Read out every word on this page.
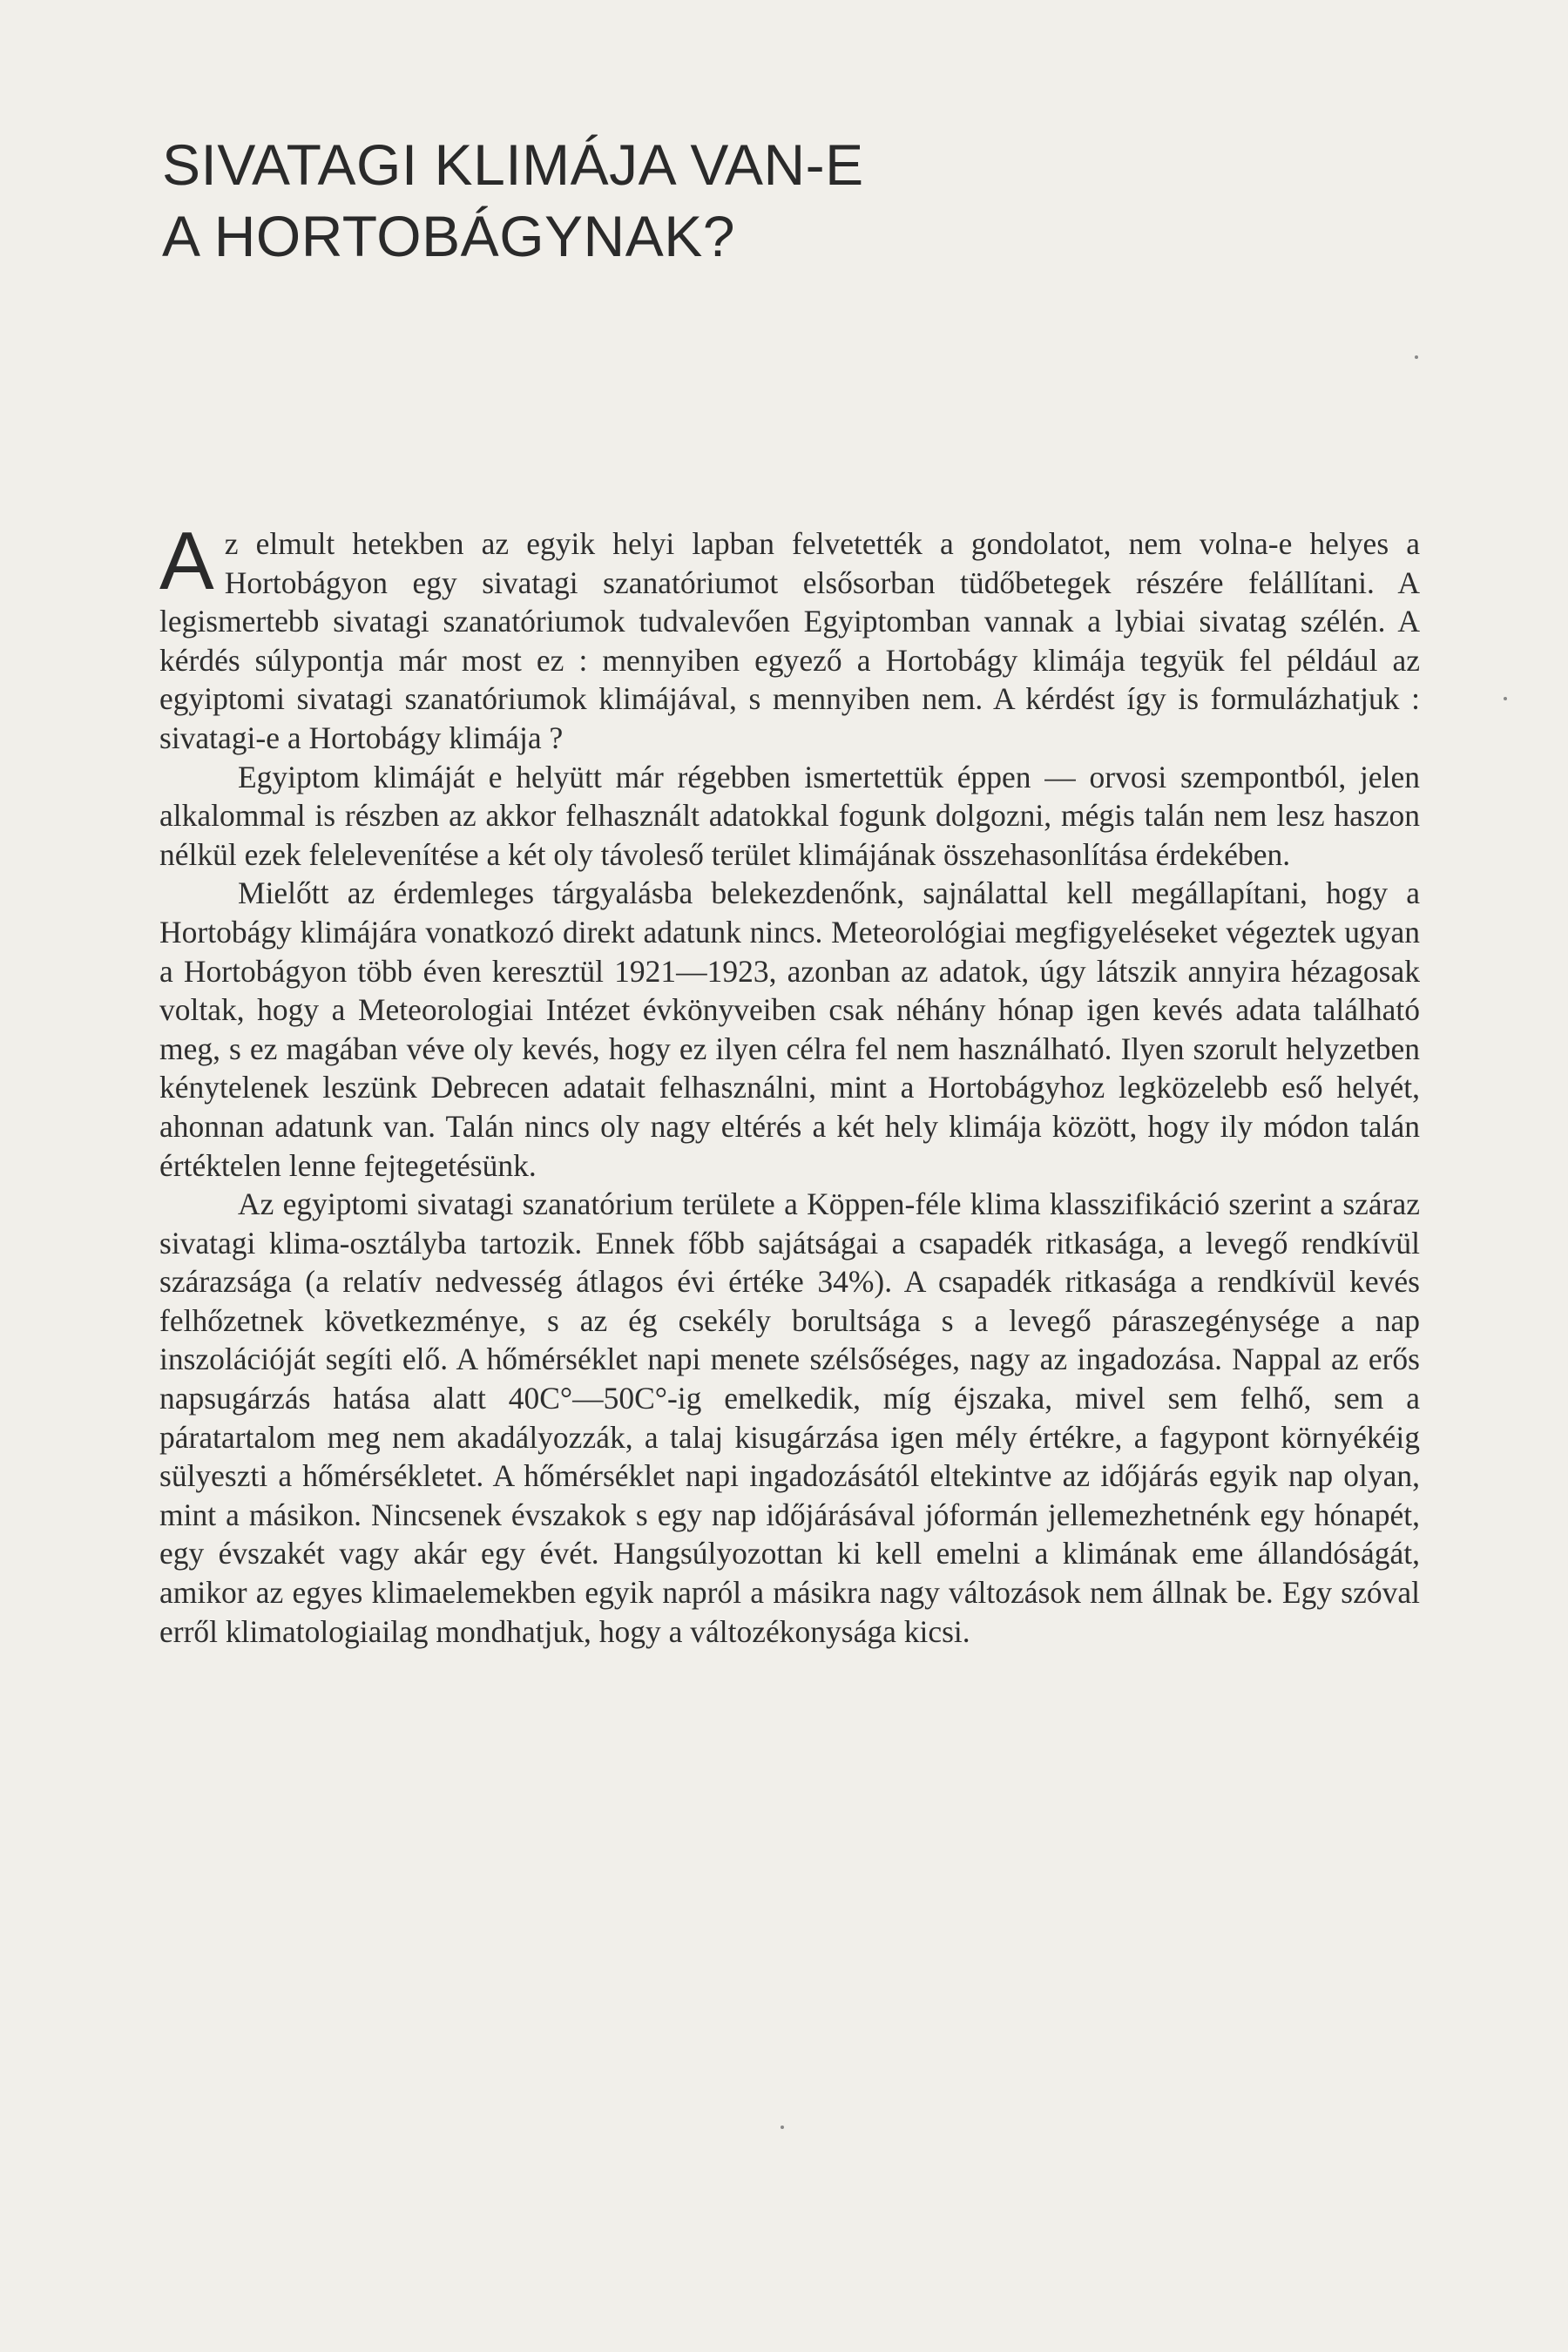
SIVATAGI KLIMÁJA VAN-E
A HORTOBÁGYNAK?

Az elmult hetekben az egyik helyi lapban felvetették a gondolatot, nem volna-e helyes a Hortobágyon egy sivatagi szanatóriumot elsősorban tüdőbetegek részére felállítani. A legismertebb sivatagi szanatóriumok tudvalevően Egyiptomban vannak a lybiai sivatag szélén. A kérdés súlypontja már most ez : mennyiben egyező a Hortobágy klimája tegyük fel például az egyiptomi sivatagi szanatóriumok klimájával, s mennyiben nem. A kérdést így is formulázhatjuk : sivatagi-e a Hortobágy klimája ?

Egyiptom klimáját e helyütt már régebben ismertettük éppen — orvosi szempontból, jelen alkalommal is részben az akkor felhasznált adatokkal fogunk dolgozni, mégis talán nem lesz haszon nélkül ezek felelevenítése a két oly távoleső terület klimájának összehasonlítása érdekében.

Mielőtt az érdemleges tárgyalásba belekezdenőnk, sajnálattal kell megállapítani, hogy a Hortobágy klimájára vonatkozó direkt adatunk nincs. Meteorológiai megfigyeléseket végeztek ugyan a Hortobágyon több éven keresztül 1921—1923, azonban az adatok, úgy látszik annyira hézagosak voltak, hogy a Meteorologiai Intézet évkönyveiben csak néhány hónap igen kevés adata található meg, s ez magában véve oly kevés, hogy ez ilyen célra fel nem használható. Ilyen szorult helyzetben kénytelenek leszünk Debrecen adatait felhasználni, mint a Hortobágyhoz legközelebb eső helyét, ahonnan adatunk van. Talán nincs oly nagy eltérés a két hely klimája között, hogy ily módon talán értéktelen lenne fejtegetésünk.

Az egyiptomi sivatagi szanatórium területe a Köppen-féle klima klasszifikáció szerint a száraz sivatagi klima-osztályba tartozik. Ennek főbb sajátságai a csapadék ritkasága, a levegő rendkívül szárazsága (a relatív nedvesség átlagos évi értéke 34%). A csapadék ritkasága a rendkívül kevés felhőzetnek következménye, s az ég csekély borultsága s a levegő páraszegénysége a nap inszolációját segíti elő. A hőmérséklet napi menete szélsőséges, nagy az ingadozása. Nappal az erős napsugárzás hatása alatt 40C°—50C°-ig emelkedik, míg éjszaka, mivel sem felhő, sem a páratartalom meg nem akadályozzák, a talaj kisugárzása igen mély értékre, a fagypont környékéig sülyeszti a hőmérsékletet. A hőmérséklet napi ingadozásától eltekintve az időjárás egyik nap olyan, mint a másikon. Nincsenek évszakok s egy nap időjárásával jóformán jellemezhetnénk egy hónapét, egy évszakét vagy akár egy évét. Hangsúlyozottan ki kell emelni a klimának eme állandóságát, amikor az egyes klimaelemekben egyik napról a másikra nagy változások nem állnak be. Egy szóval erről klimatologiailag mondhatjuk, hogy a változékonysága kicsi.
